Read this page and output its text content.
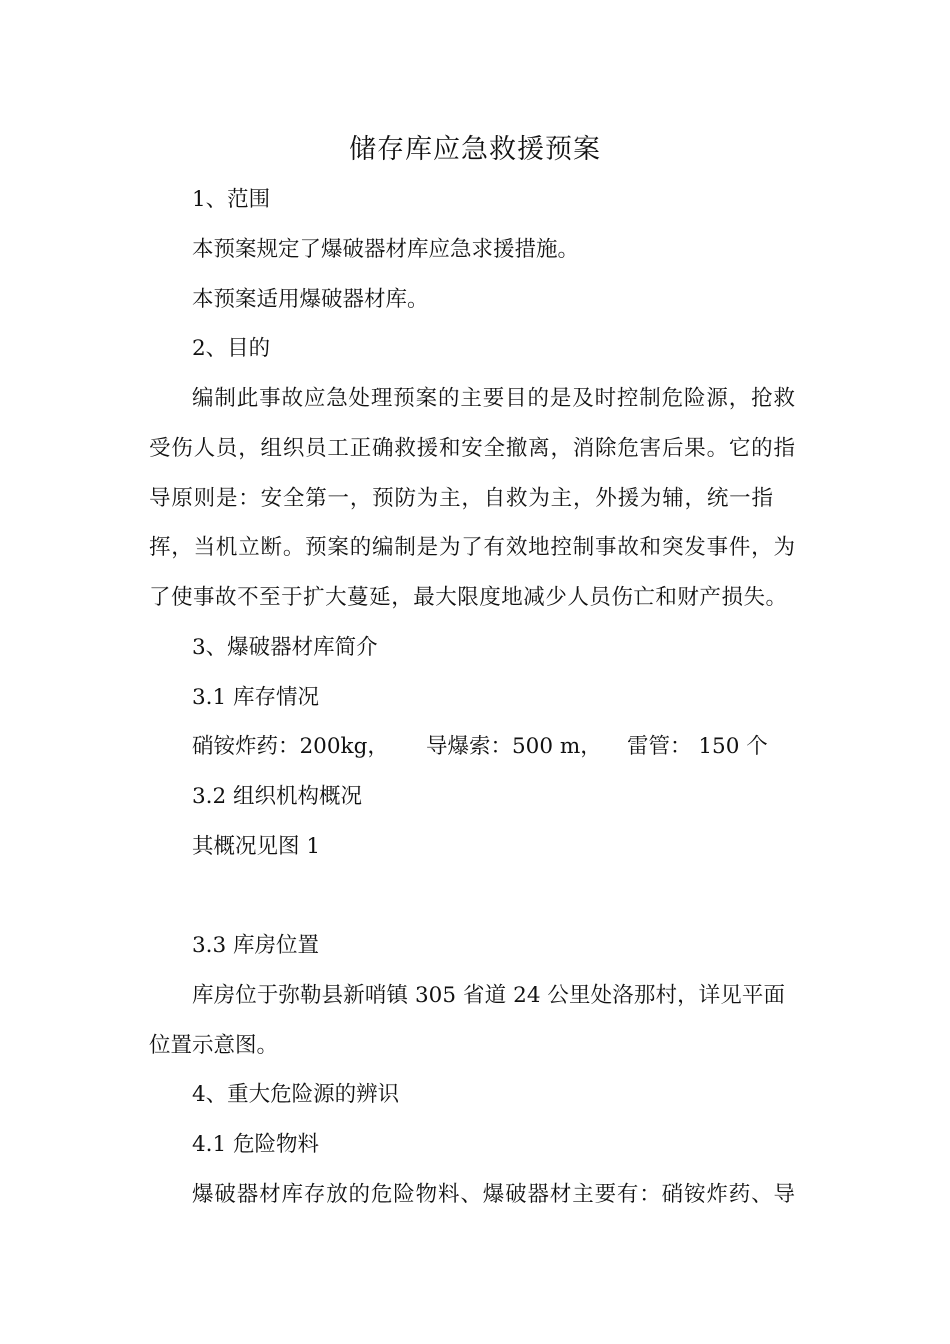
储存库应急救援预案
1、范围
本预案规定了爆破器材库应急求援措施。
本预案适用爆破器材库。
2、目的
编制此事故应急处理预案的主要目的是及时控制危险源，抢救
受伤人员，组织员工正确救援和安全撤离，消除危害后果。它的指
导原则是：安全第一，预防为主，自救为主，外援为辅，统一指
挥，当机立断。预案的编制是为了有效地控制事故和突发事件，为
了使事故不至于扩大蔓延，最大限度地减少人员伤亡和财产损失。
3、爆破器材库简介
3.1 库存情况
硝铵炸药：200kg， 导爆索：500 m， 雷管： 150 个
3.2 组织机构概况
其概况见图 1
3.3 库房位置
库房位于弥勒县新哨镇 305 省道 24 公里处洛那村，详见平面
位置示意图。
4、重大危险源的辨识
4.1 危险物料
爆破器材库存放的危险物料、爆破器材主要有：硝铵炸药、导
